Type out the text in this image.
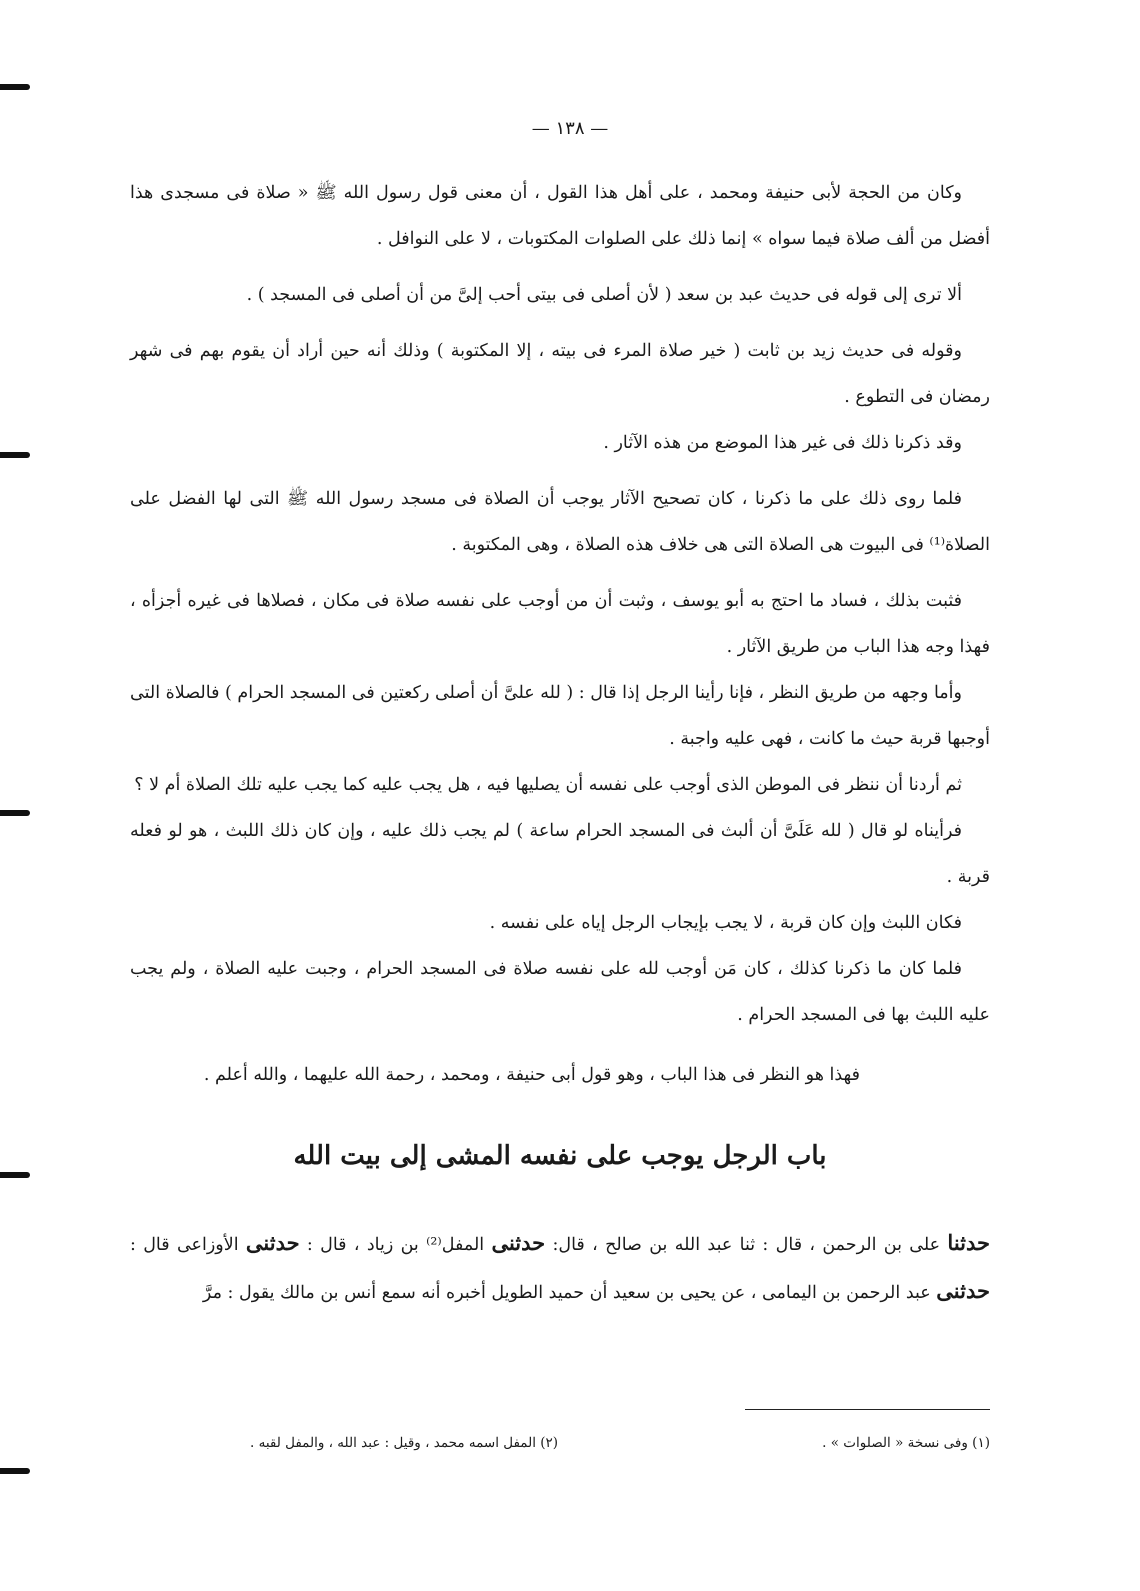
— ١٣٨ —

وكان من الحجة لأبى حنيفة ومحمد ، على أهل هذا القول ، أن معنى قول رسول الله ﷺ « صلاة فى مسجدى هذا أفضل من ألف صلاة فيما سواه » إنما ذلك على الصلوات المكتوبات ، لا على النوافل .

ألا ترى إلى قوله فى حديث عبد بن سعد ( لأن أصلى فى بيتى أحب إلىَّ من أن أصلى فى المسجد ) .

وقوله فى حديث زيد بن ثابت ( خير صلاة المرء فى بيته ، إلا المكتوبة ) وذلك أنه حين أراد أن يقوم بهم فى شهر رمضان فى التطوع .

وقد ذكرنا ذلك فى غير هذا الموضع من هذه الآثار .

فلما روى ذلك على ما ذكرنا ، كان تصحيح الآثار يوجب أن الصلاة فى مسجد رسول الله ﷺ التى لها الفضل على الصلاة⁽¹⁾ فى البيوت هى الصلاة التى هى خلاف هذه الصلاة ، وهى المكتوبة .

فثبت بذلك ، فساد ما احتج به أبو يوسف ، وثبت أن من أوجب على نفسه صلاة فى مكان ، فصلاها فى غيره أجزأه ، فهذا وجه هذا الباب من طريق الآثار .

وأما وجهه من طريق النظر ، فإنا رأينا الرجل إذا قال : ( لله علىَّ أن أصلى ركعتين فى المسجد الحرام ) فالصلاة التى أوجبها قربة حيث ما كانت ، فهى عليه واجبة .

ثم أردنا أن ننظر فى الموطن الذى أوجب على نفسه أن يصليها فيه ، هل يجب عليه كما يجب عليه تلك الصلاة أم لا ؟

فرأيناه لو قال ( لله عَلَىَّ أن ألبث فى المسجد الحرام ساعة ) لم يجب ذلك عليه ، وإن كان ذلك اللبث ، هو لو فعله قربة .

فكان اللبث وإن كان قربة ، لا يجب بإيجاب الرجل إياه على نفسه .

فلما كان ما ذكرنا كذلك ، كان مَن أوجب لله على نفسه صلاة فى المسجد الحرام ، وجبت عليه الصلاة ، ولم يجب عليه اللبث بها فى المسجد الحرام .

فهذا هو النظر فى هذا الباب ، وهو قول أبى حنيفة ، ومحمد ، رحمة الله عليهما ، والله أعلم .

باب الرجل يوجب على نفسه المشى إلى بيت الله

حدثنا على بن الرحمن ، قال : ثنا عبد الله بن صالح ، قال: حدثنى المفل⁽²⁾ بن زياد ، قال : حدثنى الأوزاعى قال : حدثنى عبد الرحمن بن اليمامى ، عن يحيى بن سعيد أن حميد الطويل أخبره أنه سمع أنس بن مالك يقول : مرَّ

(١) وفى نسخة « الصلوات » .
(٢) المفل اسمه محمد ، وقيل : عبد الله ، والمفل لقبه .
